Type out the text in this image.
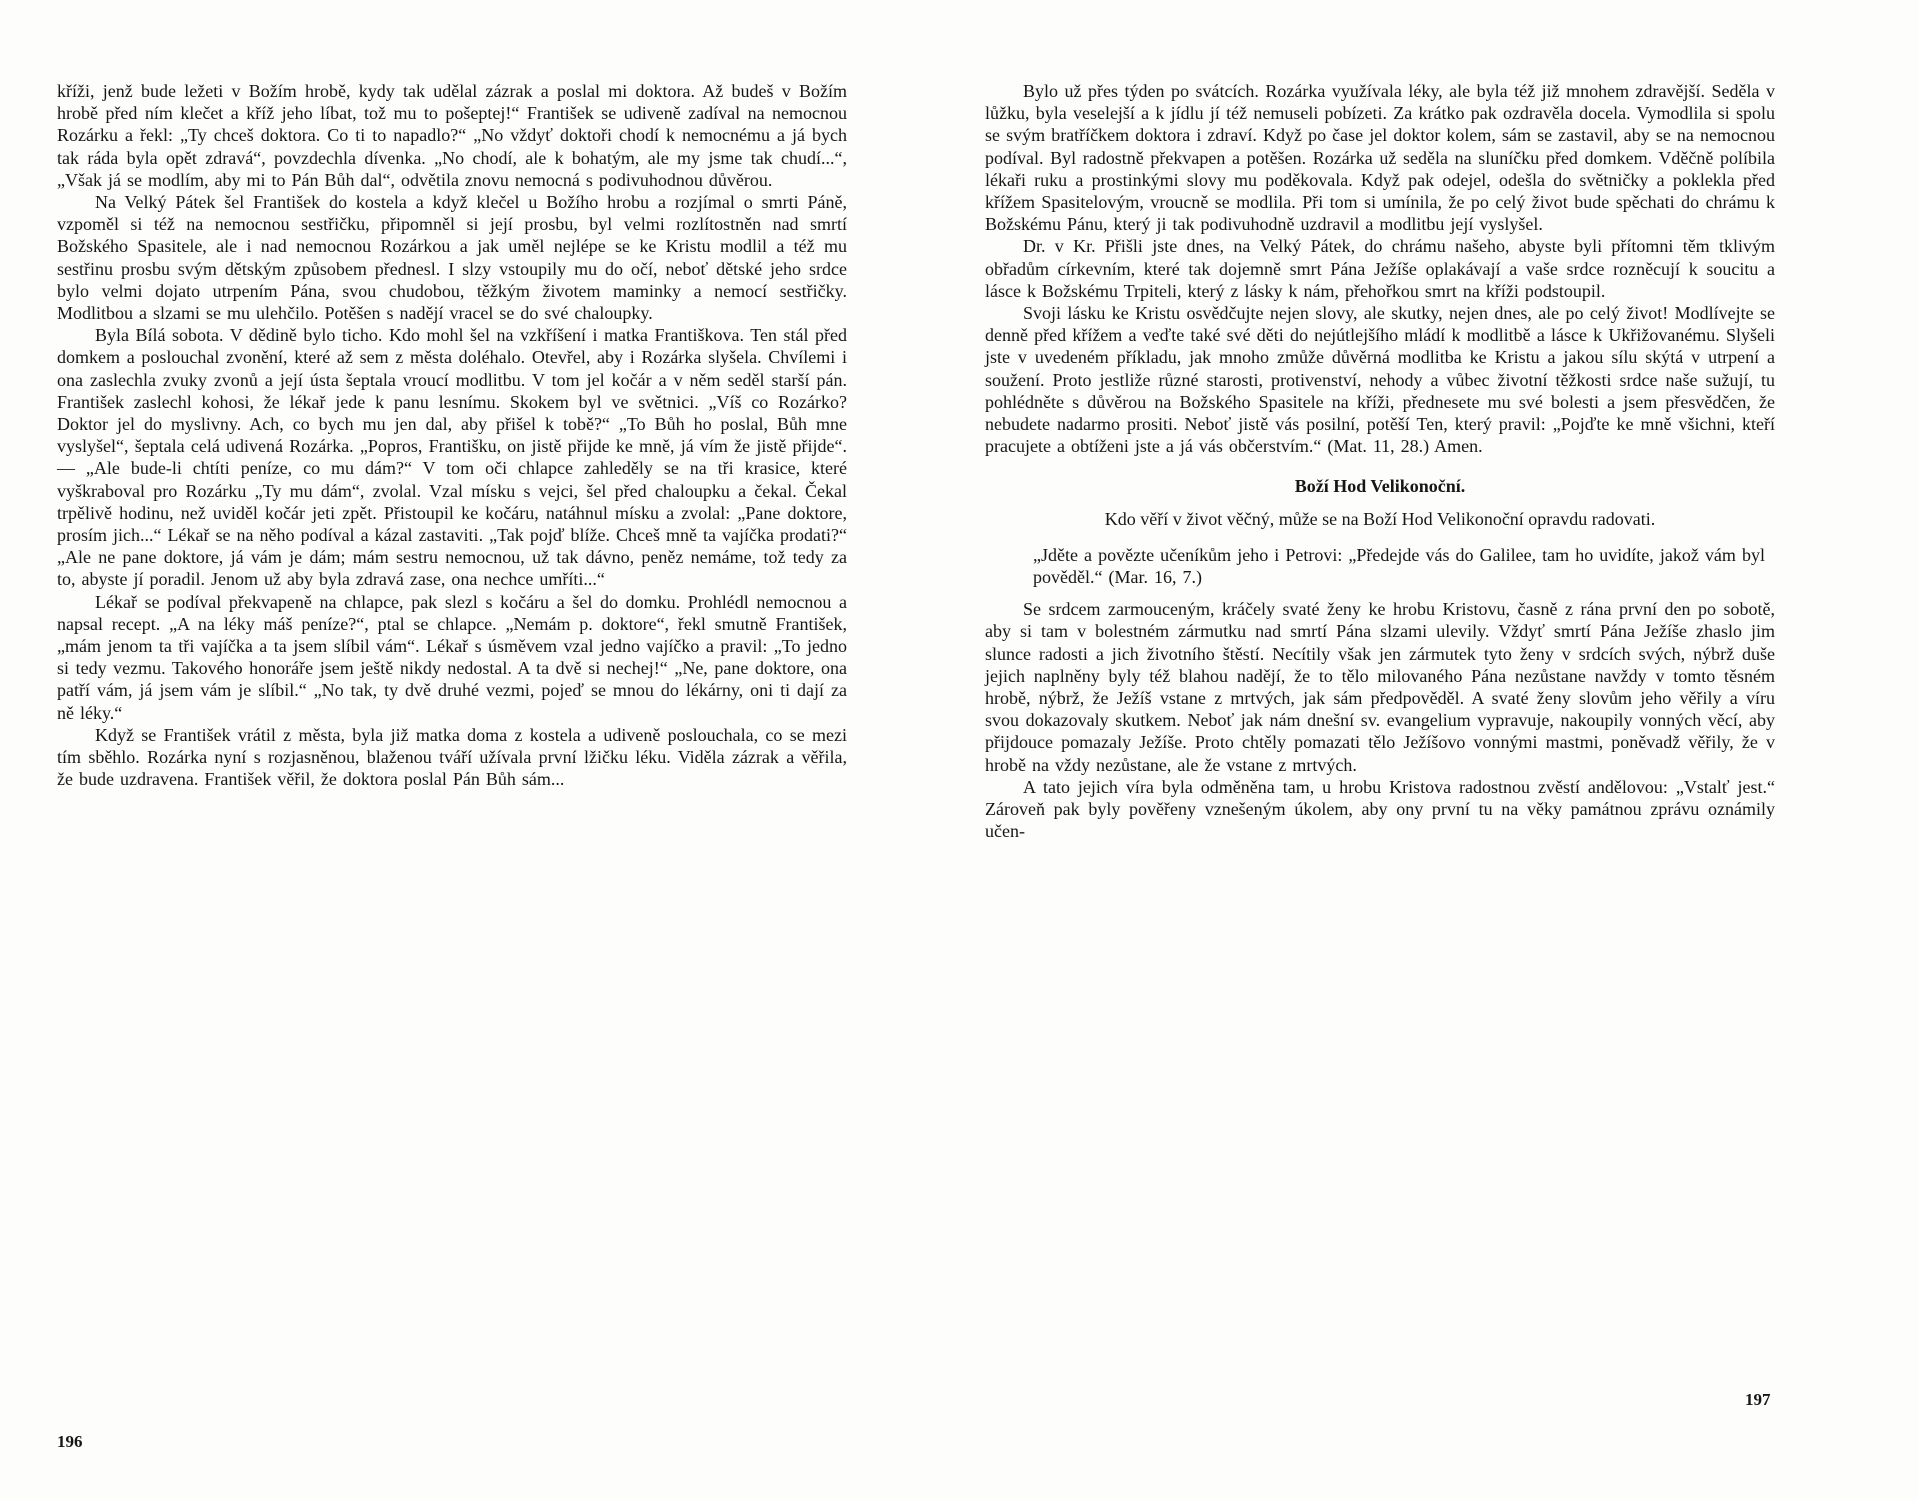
kříži, jenž bude ležeti v Božím hrobě, kydy tak udělal zázrak a poslal mi doktora. Až budeš v Božím hrobě před ním klečet a kříž jeho líbat, tož mu to pošeptej!“ František se udiveně zadíval na nemocnou Rozárku a řekl: „Ty chceš doktora. Co ti to napadlo?“ „No vždyť doktoři chodí k nemocnému a já bych tak ráda byla opět zdravá“, povzdechla dívenka. „No chodí, ale k bohatým, ale my jsme tak chudí...“, „Však já se modlím, aby mi to Pán Bůh dal“, odvětila znovu nemocná s podivuhodnou důvěrou.

Na Velký Pátek šel František do kostela a když klečel u Božího hrobu a rozjímal o smrti Páně, vzpoměl si též na nemocnou sestřičku, připomněl si její prosbu, byl velmi rozlítostněn nad smrtí Božského Spasitele, ale i nad nemocnou Rozárkou a jak uměl nejlépe se ke Kristu modlil a též mu sestřinu prosbu svým dětským způsobem přednesl. I slzy vstoupily mu do očí, neboť dětské jeho srdce bylo velmi dojato utrpením Pána, svou chudobou, těžkým životem maminky a nemocí sestřičky. Modlitbou a slzami se mu ulehčilo. Potěšen s nadějí vracel se do své chaloupky.

Byla Bílá sobota. V dědině bylo ticho. Kdo mohl šel na vzkříšení i matka Františkova. Ten stál před domkem a poslouchal zvonění, které až sem z města doléhalo. Otevřel, aby i Rozárka slyšela. Chvílemi i ona zaslechla zvuky zvonů a její ústa šeptala vroucí modlitbu. V tom jel kočár a v něm seděl starší pán. František zaslechl kohosi, že lékař jede k panu lesnímu. Skokem byl ve světnici. „Víš co Rozárko? Doktor jel do myslivny. Ach, co bych mu jen dal, aby přišel k tobě?“ „To Bůh ho poslal, Bůh mne vyslyšel“, šeptala celá udivená Rozárka. „Popros, Františku, on jistě přijde ke mně, já vím že jistě přijde“. — „Ale bude-li chtíti peníze, co mu dám?“ V tom oči chlapce zahleděly se na tři krasice, které vyškraboval pro Rozárku „Ty mu dám“, zvolal. Vzal mísku s vejci, šel před chaloupku a čekal. Čekal trpělivě hodinu, než uviděl kočár jeti zpět. Přistoupil ke kočáru, natáhnul mísku a zvolal: „Pane doktore, prosím jich...“ Lékař se na něho podíval a kázal zastaviti. „Tak pojď blíže. Chceš mně ta vajíčka prodati?“ „Ale ne pane doktore, já vám je dám; mám sestru nemocnou, už tak dávno, peněz nemáme, tož tedy za to, abyste jí poradil. Jenom už aby byla zdravá zase, ona nechce umříti...“

Lékař se podíval překvapeně na chlapce, pak slezl s kočáru a šel do domku. Prohlédl nemocnou a napsal recept. „A na léky máš peníze?“, ptal se chlapce. „Nemám p. doktore“, řekl smutně František, „mám jenom ta tři vajíčka a ta jsem slíbil vám“. Lékař s úsměvem vzal jedno vajíčko a pravil: „To jedno si tedy vezmu. Takového honoráře jsem ještě nikdy nedostal. A ta dvě si nechej!“ „Ne, pane doktore, ona patří vám, já jsem vám je slíbil.“ „No tak, ty dvě druhé vezmi, pojeď se mnou do lékárny, oni ti dají za ně léky.“

Když se František vrátil z města, byla již matka doma z kostela a udiveně poslouchala, co se mezi tím sběhlo. Rozárka nyní s rozjasněnou, blaženou tváří užívala první lžičku léku. Viděla zázrak a věřila, že bude uzdravena. František věřil, že doktora poslal Pán Bůh sám...

Bylo už přes týden po svátcích. Rozárka využívala léky, ale byla též již mnohem zdravější. Seděla v lůžku, byla veselejší a k jídlu jí též nemuseli pobízeti. Za krátko pak ozdravěla docela. Vymodlila si spolu se svým bratříčkem doktora i zdraví. Když po čase jel doktor kolem, sám se zastavil, aby se na nemocnou podíval. Byl radostně překvapen a potěšen. Rozárka už seděla na sluníčku před domkem. Vděčně políbila lékaři ruku a prostinkými slovy mu poděkovala. Když pak odejel, odešla do světničky a poklekla před křížem Spasitelovým, vroucně se modlila. Při tom si umínila, že po celý život bude spěchati do chrámu k Božskému Pánu, který ji tak podivuhodně uzdravil a modlitbu její vyslyšel.

Dr. v Kr. Přišli jste dnes, na Velký Pátek, do chrámu našeho, abyste byli přítomni těm tklivým obřadům církevním, které tak dojemně smrt Pána Ježíše oplakávají a vaše srdce rozněcují k soucitu a lásce k Božskému Trpiteli, který z lásky k nám, přehořkou smrt na kříži podstoupil.

Svoji lásku ke Kristu osvědčujte nejen slovy, ale skutky, nejen dnes, ale po celý život! Modlívejte se denně před křížem a veďte také své děti do nejútlejšího mládí k modlitbě a lásce k Ukřižovanému. Slyšeli jste v uvedeném příkladu, jak mnoho zmůže důvěrná modlitba ke Kristu a jakou sílu skýtá v utrpení a soužení. Proto jestliže různé starosti, protivenství, nehody a vůbec životní těžkosti srdce naše sužují, tu pohlédněte s důvěrou na Božského Spasitele na kříži, přednesete mu své bolesti a jsem přesvědčen, že nebudete nadarmo prositi. Neboť jistě vás posilní, potěší Ten, který pravil: „Pojďte ke mně všichni, kteří pracujete a obtíženi jste a já vás občerstvím.“ (Mat. 11, 28.) Amen.

Boží Hod Velikonoční.

Kdo věří v život věčný, může se na Boží Hod Velikonoční opravdu radovati.

„Jděte a povězte učeníkům jeho i Petrovi: „Předejde vás do Galilee, tam ho uvidíte, jakož vám byl pověděl.“ (Mar. 16, 7.)

Se srdcem zarmouceným, kráčely svaté ženy ke hrobu Kristovu, časně z rána první den po sobotě, aby si tam v bolestném zármutku nad smrtí Pána slzami ulevily. Vždyť smrtí Pána Ježíše zhaslo jim slunce radosti a jich životního štěstí. Necítily však jen zármutek tyto ženy v srdcích svých, nýbrž duše jejich naplněny byly též blahou nadějí, že to tělo milovaného Pána nezůstane navždy v tomto těsném hrobě, nýbrž, že Ježíš vstane z mrtvých, jak sám předpověděl. A svaté ženy slovům jeho věřily a víru svou dokazovaly skutkem. Neboť jak nám dnešní sv. evangelium vypravuje, nakoupily vonných věcí, aby přijdouce pomazaly Ježíše. Proto chtěly pomazati tělo Ježíšovo vonnými mastmi, poněvadž věřily, že v hrobě na vždy nezůstane, ale že vstane z mrtvých.

A tato jejich víra byla odměněna tam, u hrobu Kristova radostnou zvěstí andělovou: „Vstalť jest.“ Zároveň pak byly pověřeny vznešeným úkolem, aby ony první tu na věky památnou zprávu oznámily učen-

196
197
